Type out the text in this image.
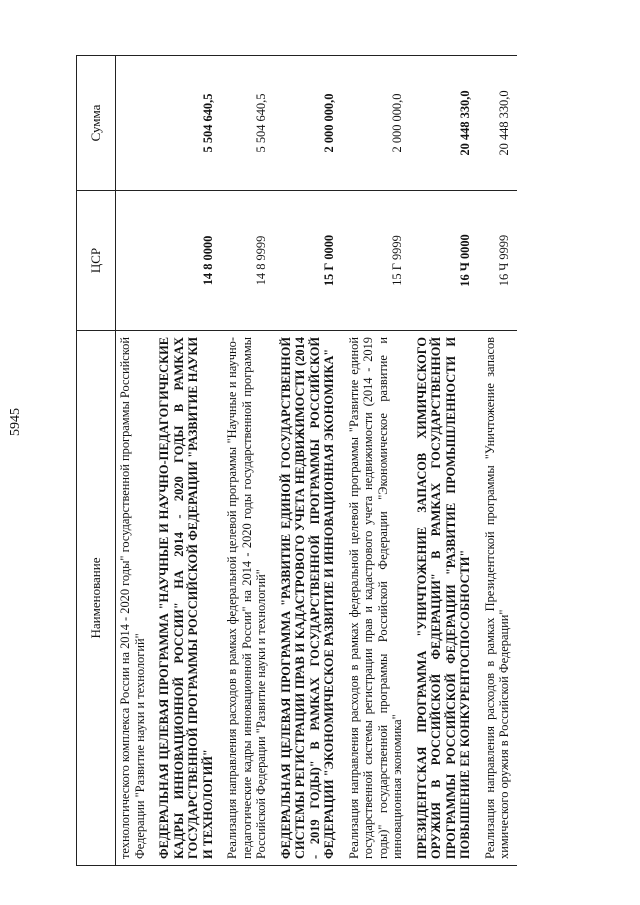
5945
Наименование	ЦСР	Сумма
технологического комплекса России на 2014 - 2020 годы" государственной программы Российской Федерации "Развитие науки и технологий"		
ФЕДЕРАЛЬНАЯ ЦЕЛЕВАЯ ПРОГРАММА "НАУЧНЫЕ И НАУЧНО-ПЕДАГОГИЧЕСКИЕ КАДРЫ ИННОВАЦИОННОЙ РОССИИ" НА 2014 - 2020 ГОДЫ В РАМКАХ ГОСУДАРСТВЕННОЙ ПРОГРАММЫ РОССИЙСКОЙ ФЕДЕРАЦИИ "РАЗВИТИЕ НАУКИ И ТЕХНОЛОГИЙ"	14 8 0000	5 504 640,5
Реализация направления расходов в рамках федеральной целевой программы "Научные и научно-педагогические кадры инновационной России" на 2014 - 2020 годы государственной программы Российской Федерации "Развитие науки и технологий"	14 8 9999	5 504 640,5
ФЕДЕРАЛЬНАЯ ЦЕЛЕВАЯ ПРОГРАММА "РАЗВИТИЕ ЕДИНОЙ ГОСУДАРСТВЕННОЙ СИСТЕМЫ РЕГИСТРАЦИИ ПРАВ И КАДАСТРОВОГО УЧЕТА НЕДВИЖИМОСТИ (2014 - 2019 ГОДЫ)" В РАМКАХ ГОСУДАРСТВЕННОЙ ПРОГРАММЫ РОССИЙСКОЙ ФЕДЕРАЦИИ "ЭКОНОМИЧЕСКОЕ РАЗВИТИЕ И ИННОВАЦИОННАЯ ЭКОНОМИКА"	15 Г 0000	2 000 000,0
Реализация направления расходов в рамках федеральной целевой программы "Развитие единой государственной системы регистрации прав и кадастрового учета недвижимости (2014 - 2019 годы)" государственной программы Российской Федерации "Экономическое развитие и инновационная экономика"	15 Г 9999	2 000 000,0
ПРЕЗИДЕНТСКАЯ ПРОГРАММА "УНИЧТОЖЕНИЕ ЗАПАСОВ ХИМИЧЕСКОГО ОРУЖИЯ В РОССИЙСКОЙ ФЕДЕРАЦИИ" В РАМКАХ ГОСУДАРСТВЕННОЙ ПРОГРАММЫ РОССИЙСКОЙ ФЕДЕРАЦИИ "РАЗВИТИЕ ПРОМЫШЛЕННОСТИ И ПОВЫШЕНИЕ ЕЕ КОНКУРЕНТОСПОСОБНОСТИ"	16 Ч 0000	20 448 330,0
Реализация направления расходов в рамках Президентской программы "Уничтожение запасов химического оружия в Российской Федерации"	16 Ч 9999	20 448 330,0
